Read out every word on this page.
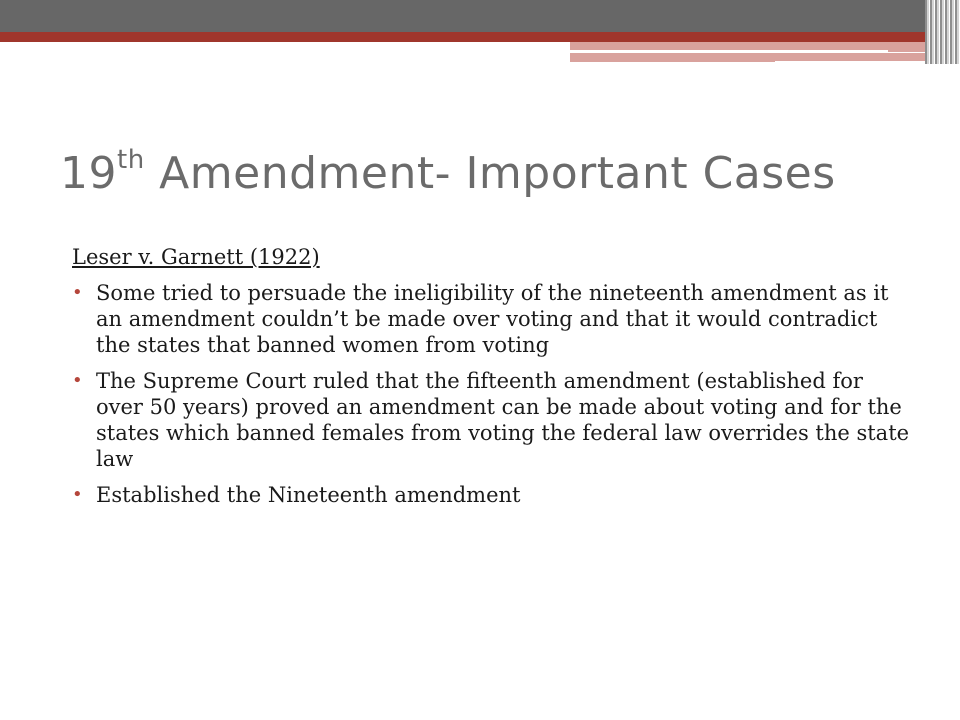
19th Amendment- Important Cases

Leser v. Garnett (1922)

• Some tried to persuade the ineligibility of the nineteenth amendment as it an amendment couldn’t be made over voting and that it would contradict the states that banned women from voting
• The Supreme Court ruled that the fifteenth amendment (established for over 50 years) proved an amendment can be made about voting and for the states which banned females from voting the federal law overrides the state law
• Established the Nineteenth amendment
